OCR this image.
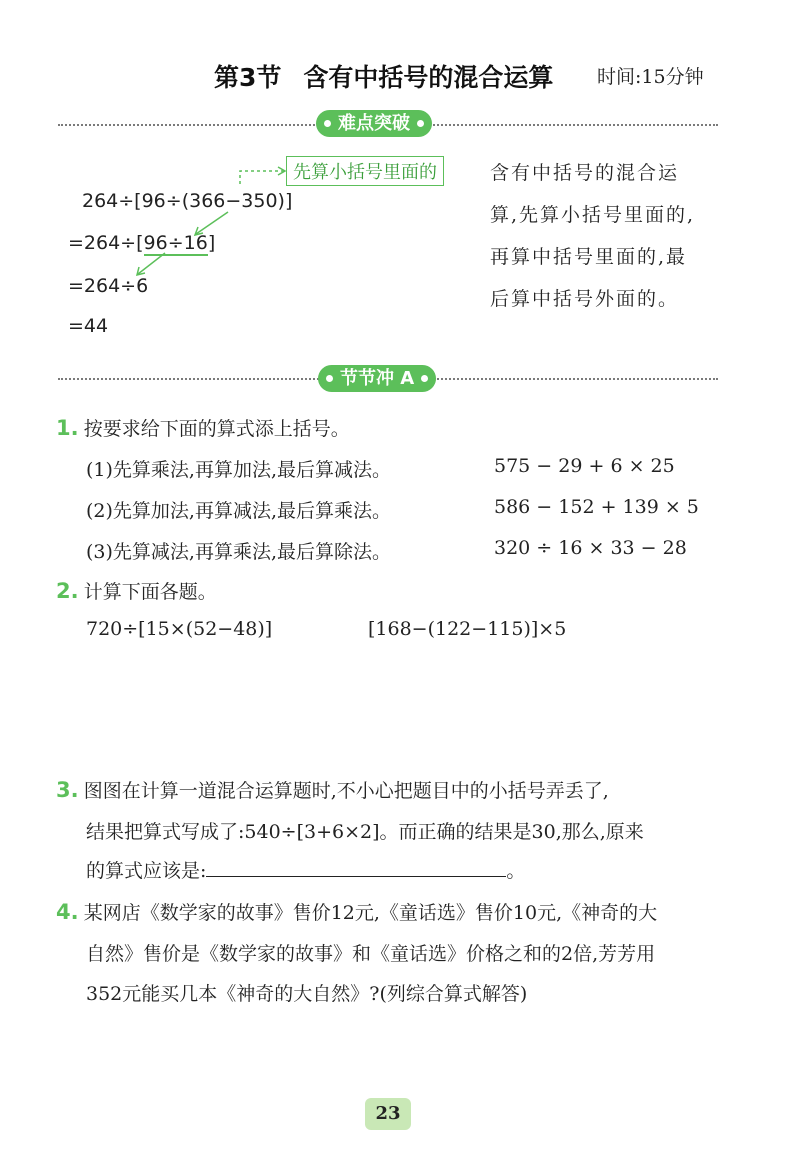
第3节 含有中括号的混合运算 时间:15分钟
难点突破
先算小括号里面的
264÷[96÷(366−350)]
=264÷[96÷16]
=264÷6
=44
含有中括号的混合运算,先算小括号里面的,再算中括号里面的,最后算中括号外面的。
节节冲 A
1. 按要求给下面的算式添上括号。
(1)先算乘法,再算加法,最后算减法。	575 − 29 + 6 × 25
(2)先算加法,再算减法,最后算乘法。	586 − 152 + 139 × 5
(3)先算减法,再算乘法,最后算除法。	320 ÷ 16 × 33 − 28
2. 计算下面各题。
720÷[15×(52−48)]	[168−(122−115)]×5
3. 图图在计算一道混合运算题时,不小心把题目中的小括号弄丢了,
结果把算式写成了:540÷[3+6×2]。而正确的结果是30,那么,原来
的算式应该是:	。
4. 某网店《数学家的故事》售价12元,《童话选》售价10元,《神奇的大
自然》售价是《数学家的故事》和《童话选》价格之和的2倍,芳芳用
352元能买几本《神奇的大自然》?(列综合算式解答)
23
